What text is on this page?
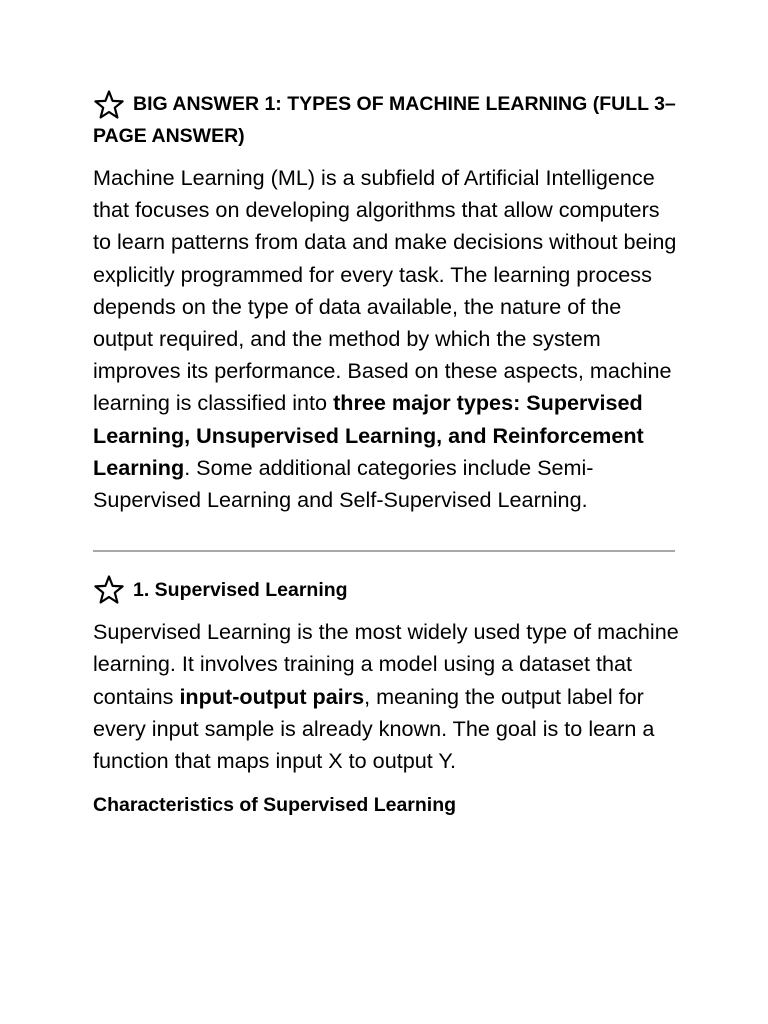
BIG ANSWER 1: TYPES OF MACHINE LEARNING (FULL 3–PAGE ANSWER)

Machine Learning (ML) is a subfield of Artificial Intelligence that focuses on developing algorithms that allow computers to learn patterns from data and make decisions without being explicitly programmed for every task. The learning process depends on the type of data available, the nature of the output required, and the method by which the system improves its performance. Based on these aspects, machine learning is classified into three major types: Supervised Learning, Unsupervised Learning, and Reinforcement Learning. Some additional categories include Semi-Supervised Learning and Self-Supervised Learning.

1. Supervised Learning

Supervised Learning is the most widely used type of machine learning. It involves training a model using a dataset that contains input-output pairs, meaning the output label for every input sample is already known. The goal is to learn a function that maps input X to output Y.

Characteristics of Supervised Learning
